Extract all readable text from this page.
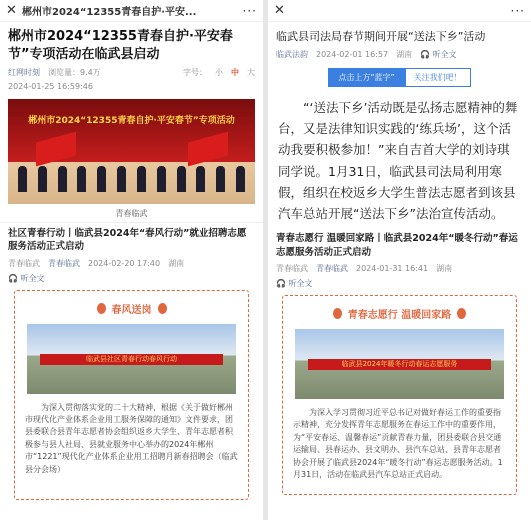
✕ 郴州市2024“12355青春自护·平安...	···
郴州市2024“12355青春自护·平安春节”专项活动在临武县启动
红网时刻 浏览量：9.4万	字号： 小 中 大
2024-01-25 16:59:46
郴州市2024“12355青春自护·平安春节”专项活动
青春临武
社区青春行动丨临武县2024年“春风行动”就业招聘志愿服务活动正式启动
青春临武 青春临武 2024-02-20 17:40 湖南
🎧 听全文
春风送岗
临武县社区青春行动春风行动
为深入贯彻落实党的二十大精神，根据《关于做好郴州市现代化产业体系企业用工服务保障的通知》文件要求，团县委联合县青年志愿者协会组织返乡大学生、青年志愿者积极参与县人社局、县就业服务中心举办的2024年郴州市“1221”现代化产业体系企业用工招聘月新春招聘会（临武县分会场）
✕	···
临武县司法局春节期间开展“送法下乡”活动
临武法韵 2024-02-01 16:57 湖南 🎧 听全文
点击上方“蓝字”	关注我们吧！
“‘送法下乡’活动既是弘扬志愿精神的舞台，又是法律知识实践的‘练兵场’，这个活动我要积极参加！”来自吉首大学的刘诗琪同学说。1月31日，临武县司法局利用寒假，组织在校返乡大学生普法志愿者到该县汽车总站开展“送法下乡”法治宣传活动。
青春志愿行 温暖回家路丨临武县2024年“暖冬行动”春运志愿服务活动正式启动
青春临武 青春临武 2024-01-31 16:41 湖南
🎧 听全文
青春志愿行 温暖回家路
临武县2024年暖冬行动春运志愿服务
为深入学习贯彻习近平总书记对做好春运工作的重要指示精神，充分发挥青年志愿服务在春运工作中的重要作用，为“平安春运、温馨春运”贡献青春力量，团县委联合县交通运输局、县春运办、县文明办、县汽车总站、县青年志愿者协会开展了临武县2024年“暖冬行动”春运志愿服务活动。1月31日，活动在临武县汽车总站正式启动。
